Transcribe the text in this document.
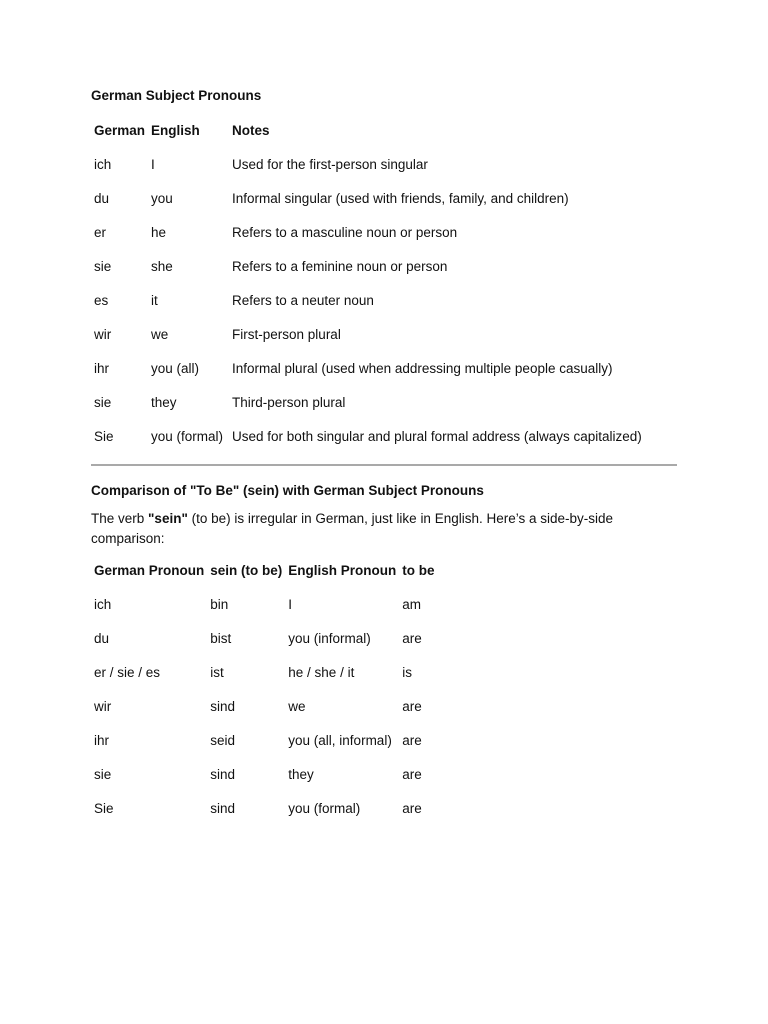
German Subject Pronouns

German	English	Notes
ich	I	Used for the first-person singular
du	you	Informal singular (used with friends, family, and children)
er	he	Refers to a masculine noun or person
sie	she	Refers to a feminine noun or person
es	it	Refers to a neuter noun
wir	we	First-person plural
ihr	you (all)	Informal plural (used when addressing multiple people casually)
sie	they	Third-person plural
Sie	you (formal)	Used for both singular and plural formal address (always capitalized)

Comparison of "To Be" (sein) with German Subject Pronouns

The verb "sein" (to be) is irregular in German, just like in English. Here’s a side-by-side comparison:

German Pronoun	sein (to be)	English Pronoun	to be
ich	bin	I	am
du	bist	you (informal)	are
er / sie / es	ist	he / she / it	is
wir	sind	we	are
ihr	seid	you (all, informal)	are
sie	sind	they	are
Sie	sind	you (formal)	are
